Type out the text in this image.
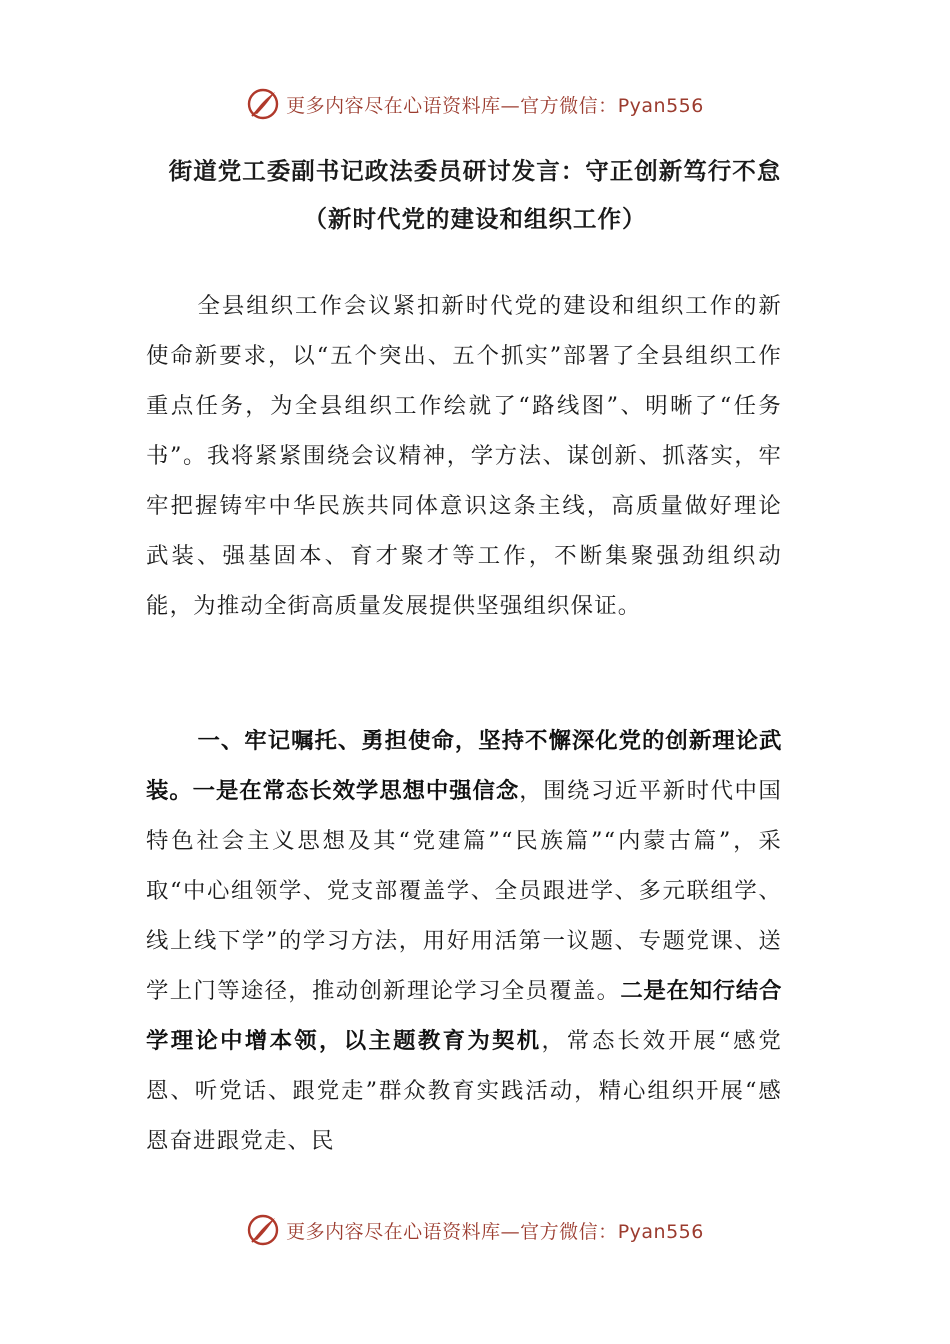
更多内容尽在心语资料库—官方微信：Pyan556
街道党工委副书记政法委员研讨发言：守正创新笃行不怠
（新时代党的建设和组织工作）

全县组织工作会议紧扣新时代党的建设和组织工作的新使命新要求，以“五个突出、五个抓实”部署了全县组织工作重点任务，为全县组织工作绘就了“路线图”、明晰了“任务书”。我将紧紧围绕会议精神，学方法、谋创新、抓落实，牢牢把握铸牢中华民族共同体意识这条主线，高质量做好理论武装、强基固本、育才聚才等工作，不断集聚强劲组织动能，为推动全街高质量发展提供坚强组织保证。

一、牢记嘱托、勇担使命，坚持不懈深化党的创新理论武装。一是在常态长效学思想中强信念，围绕习近平新时代中国特色社会主义思想及其“党建篇”“民族篇”“内蒙古篇”，采取“中心组领学、党支部覆盖学、全员跟进学、多元联组学、线上线下学”的学习方法，用好用活第一议题、专题党课、送学上门等途径，推动创新理论学习全员覆盖。二是在知行结合学理论中增本领，以主题教育为契机，常态长效开展“感党恩、听党话、跟党走”群众教育实践活动，精心组织开展“感恩奋进跟党走、民

更多内容尽在心语资料库—官方微信：Pyan556
